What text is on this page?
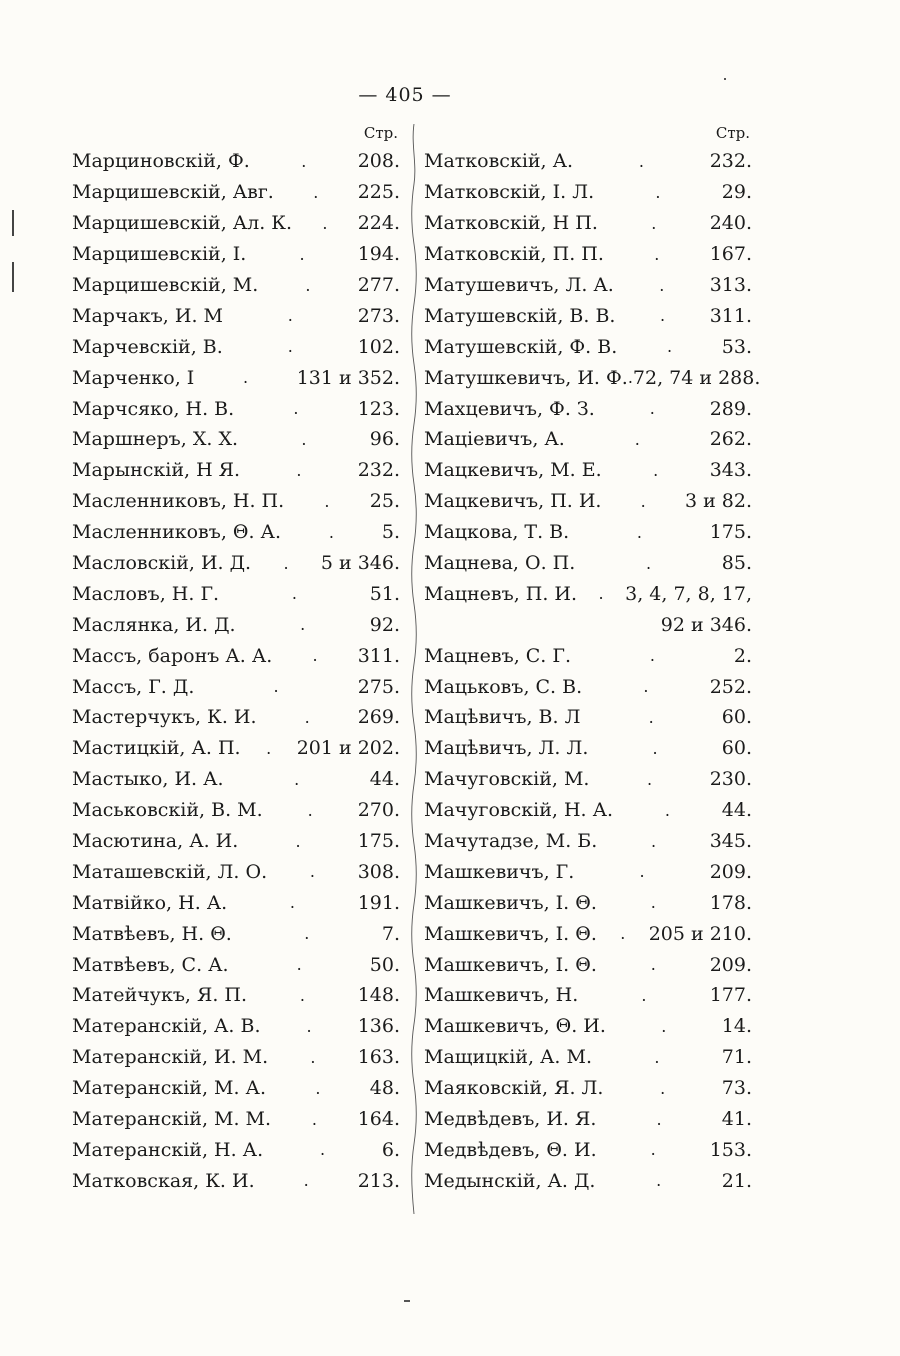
— 405 —
Стр.
Марциновскій, Ф.	.	208.
Марцишевскій, Авг.	.	225.
Марцишевскій, Ал. К.	.	224.
Марцишевскій, І.	.	194.
Марцишевскій, М.	.	277.
Марчакъ, И. М	.	273.
Марчевскій, В.	.	102.
Марченко, І	.	131 и 352.
Марчсяко, Н. В.	.	123.
Маршнеръ, Х. Х.	.	96.
Марынскій, Н Я.	.	232.
Масленниковъ, Н. П.	.	25.
Масленниковъ, Θ. А.	.	5.
Масловскій, И. Д.	.	5 и 346.
Масловъ, Н. Г.	.	51.
Маслянка, И. Д.	.	92.
Массъ, баронъ А. А.	.	311.
Массъ, Г. Д.	.	275.
Мастерчукъ, К. И.	.	269.
Мастицкій, А. П.	.	201 и 202.
Мастыко, И. А.	.	44.
Маськовскій, В. М.	.	270.
Масютина, А. И.	.	175.
Маташевскій, Л. О.	.	308.
Матвійко, Н. А.	.	191.
Матвѣевъ, Н. Θ.	.	7.
Матвѣевъ, С. А.	.	50.
Матейчукъ, Я. П.	.	148.
Матеранскій, А. В.	.	136.
Матеранскій, И. М.	.	163.
Матеранскій, М. А.	.	48.
Матеранскій, М. М.	.	164.
Матеранскій, Н. А.	.	6.
Матковская, К. И.	.	213.
Стр.
Матковскій, А.	.	232.
Матковскій, І. Л.	.	29.
Матковскій, Н П.	.	240.
Матковскій, П. П.	.	167.
Матушевичъ, Л. А.	.	313.
Матушевскій, В. В.	.	311.
Матушевскій, Ф. В.	.	53.
Матушкевичъ, И. Ф. . 72, 74 и 288.
Махцевичъ, Ф. З.	.	289.
Маціевичъ, А.	.	262.
Мацкевичъ, М. Е.	.	343.
Мацкевичъ, П. И.	.	3 и 82.
Мацкова, Т. В.	.	175.
Мацнева, О. П.	.	85.
Мацневъ, П. И.	.	3, 4, 7, 8, 17,
92 и 346.
Мацневъ, С. Г.	.	2.
Мацьковъ, С. В.	.	252.
Мацѣвичъ, В. Л	.	60.
Мацѣвичъ, Л. Л.	.	60.
Мачуговскій, М.	.	230.
Мачуговскій, Н. А.	.	44.
Мачутадзе, М. Б.	.	345.
Машкевичъ, Г.	.	209.
Машкевичъ, І. Θ.	.	178.
Машкевичъ, І. Θ.	.	205 и 210.
Машкевичъ, І. Θ.	.	209.
Машкевичъ, Н.	.	177.
Машкевичъ, Θ. И.	.	14.
Мащицкій, А. М.	.	71.
Маяковскій, Я. Л.	.	73.
Медвѣдевъ, И. Я.	.	41.
Медвѣдевъ, Θ. И.	.	153.
Медынскій, А. Д.	.	21.
